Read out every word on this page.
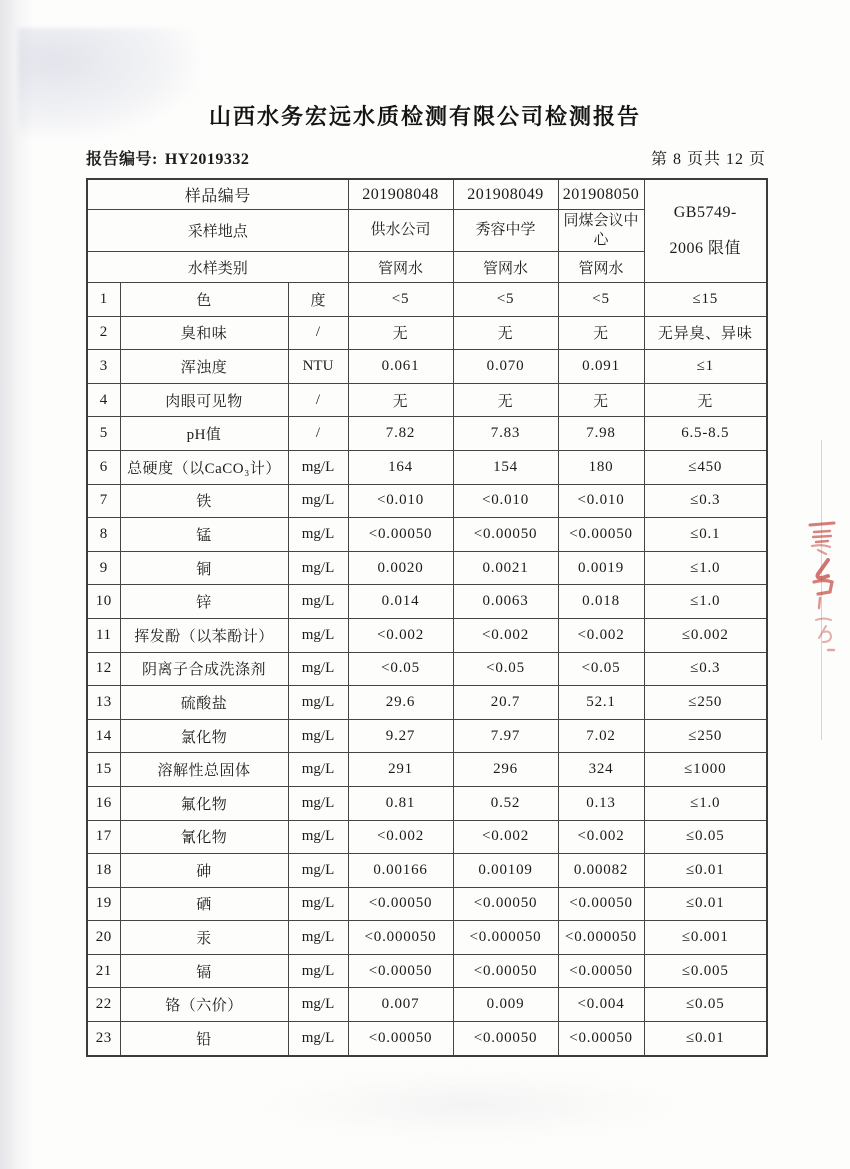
山西水务宏远水质检测有限公司检测报告
报告编号: HY2019332	第 8 页共 12 页
样品编号			201908048	201908049	201908050	GB5749-
2006 限值

采样地点			供水公司	秀容中学	同煤会议中心	
水样类别			管网水	管网水	管网水	
1	色	度	<5	<5	<5	≤15
2	臭和味	/	无	无	无	无异臭、异味
3	浑浊度	NTU	0.061	0.070	0.091	≤1
4	肉眼可见物	/	无	无	无	无
5	pH值	/	7.82	7.83	7.98	6.5-8.5
6	总硬度（以CaCO₃计）	mg/L	164	154	180	≤450
7	铁	mg/L	<0.010	<0.010	<0.010	≤0.3
8	锰	mg/L	<0.00050	<0.00050	<0.00050	≤0.1
9	铜	mg/L	0.0020	0.0021	0.0019	≤1.0
10	锌	mg/L	0.014	0.0063	0.018	≤1.0
11	挥发酚（以苯酚计）	mg/L	<0.002	<0.002	<0.002	≤0.002
12	阴离子合成洗涤剂	mg/L	<0.05	<0.05	<0.05	≤0.3
13	硫酸盐	mg/L	29.6	20.7	52.1	≤250
14	氯化物	mg/L	9.27	7.97	7.02	≤250
15	溶解性总固体	mg/L	291	296	324	≤1000
16	氟化物	mg/L	0.81	0.52	0.13	≤1.0
17	氰化物	mg/L	<0.002	<0.002	<0.002	≤0.05
18	砷	mg/L	0.00166	0.00109	0.00082	≤0.01
19	硒	mg/L	<0.00050	<0.00050	<0.00050	≤0.01
20	汞	mg/L	<0.000050	<0.000050	<0.000050	≤0.001
21	镉	mg/L	<0.00050	<0.00050	<0.00050	≤0.005
22	铬（六价）	mg/L	0.007	0.009	<0.004	≤0.05
23	铅	mg/L	<0.00050	<0.00050	<0.00050	≤0.01
